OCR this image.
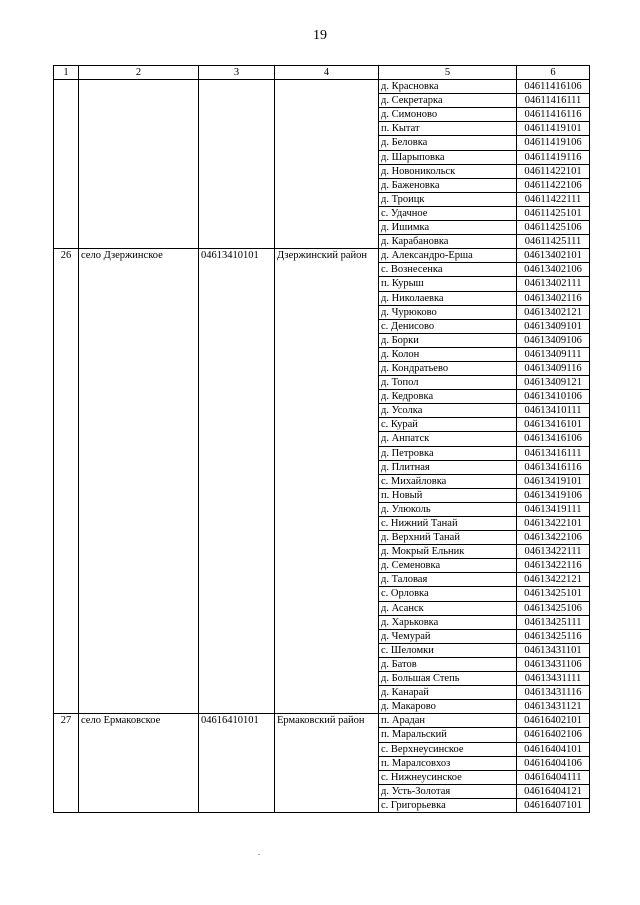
19
1	2	3	4	5	6
				д. Красновка	04611416106
				д. Секретарка	04611416111
				д. Симоново	04611416116
				п. Кытат	04611419101
				д. Беловка	04611419106
				д. Шарыповка	04611419116
				д. Новоникольск	04611422101
				д. Баженовка	04611422106
				д. Троицк	04611422111
				с. Удачное	04611425101
				д. Ишимка	04611425106
				д. Карабановка	04611425111
26	село Дзержинское	04613410101	Дзержинский район	д. Александро-Ерша	04613402101
				с. Вознесенка	04613402106
				п. Курыш	04613402111
				д. Николаевка	04613402116
				д. Чурюково	04613402121
				с. Денисово	04613409101
				д. Борки	04613409106
				д. Колон	04613409111
				д. Кондратьево	04613409116
				д. Топол	04613409121
				д. Кедровка	04613410106
				д. Усолка	04613410111
				с. Курай	04613416101
				д. Анпатск	04613416106
				д. Петровка	04613416111
				д. Плитная	04613416116
				с. Михайловка	04613419101
				п. Новый	04613419106
				д. Улюколь	04613419111
				с. Нижний Танай	04613422101
				д. Верхний Танай	04613422106
				д. Мокрый Ельник	04613422111
				д. Семеновка	04613422116
				д. Таловая	04613422121
				с. Орловка	04613425101
				д. Асанск	04613425106
				д. Харьковка	04613425111
				д. Чемурай	04613425116
				с. Шеломки	04613431101
				д. Батов	04613431106
				д. Большая Степь	04613431111
				д. Канарай	04613431116
				д. Макарово	04613431121
27	село Ермаковское	04616410101	Ермаковский район	п. Арадан	04616402101
				п. Маральский	04616402106
				с. Верхнеусинское	04616404101
				п. Маралсовхоз	04616404106
				с. Нижнеусинское	04616404111
				д. Усть-Золотая	04616404121
				с. Григорьевка	04616407101
.
